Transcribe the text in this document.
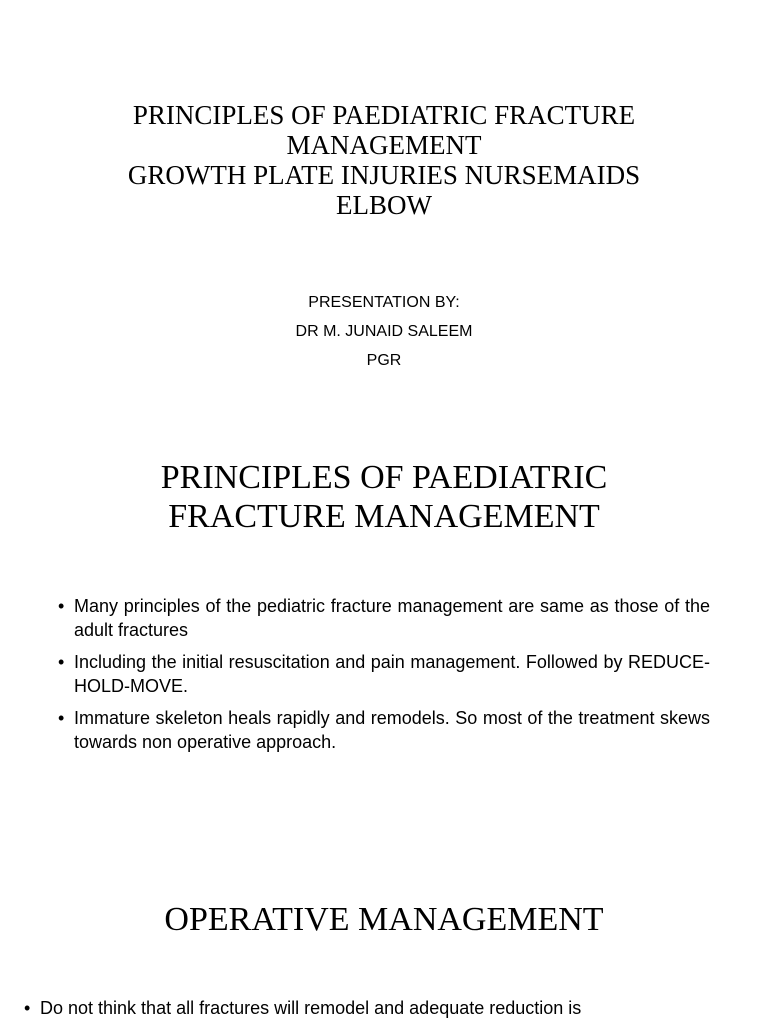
PRINCIPLES OF PAEDIATRIC FRACTURE
MANAGEMENT
GROWTH PLATE INJURIES NURSEMAIDS
ELBOW
PRESENTATION BY:
DR M. JUNAID SALEEM
PGR
PRINCIPLES OF PAEDIATRIC
FRACTURE MANAGEMENT
• Many principles of the pediatric fracture management are same as those of the adult fractures
• Including the initial resuscitation and pain management. Followed by REDUCE-HOLD-MOVE.
• Immature skeleton heals rapidly and remodels. So most of the treatment skews towards non operative approach.
OPERATIVE MANAGEMENT
• Do not think that all fractures will remodel and adequate reduction is
